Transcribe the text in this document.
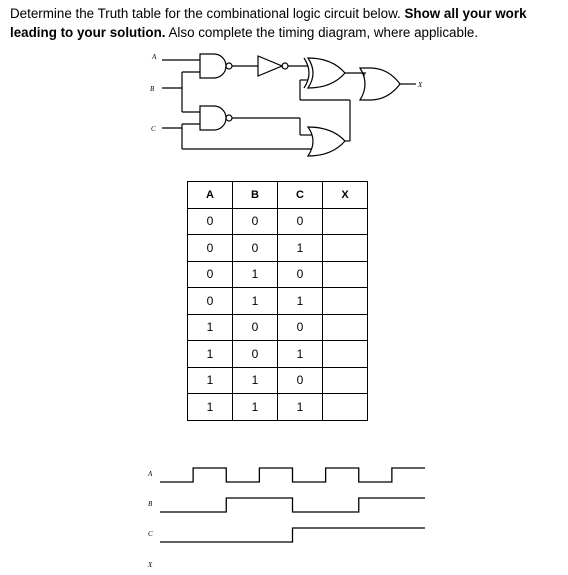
Determine the Truth table for the combinational logic circuit below. Show all your work leading to your solution. Also complete the timing diagram, where applicable.
A
B
C
X
A	B	C	X
0	0	0	
0	0	1	
0	1	0	
0	1	1	
1	0	0	
1	0	1	
1	1	0	
1	1	1	
A
B
C
X
